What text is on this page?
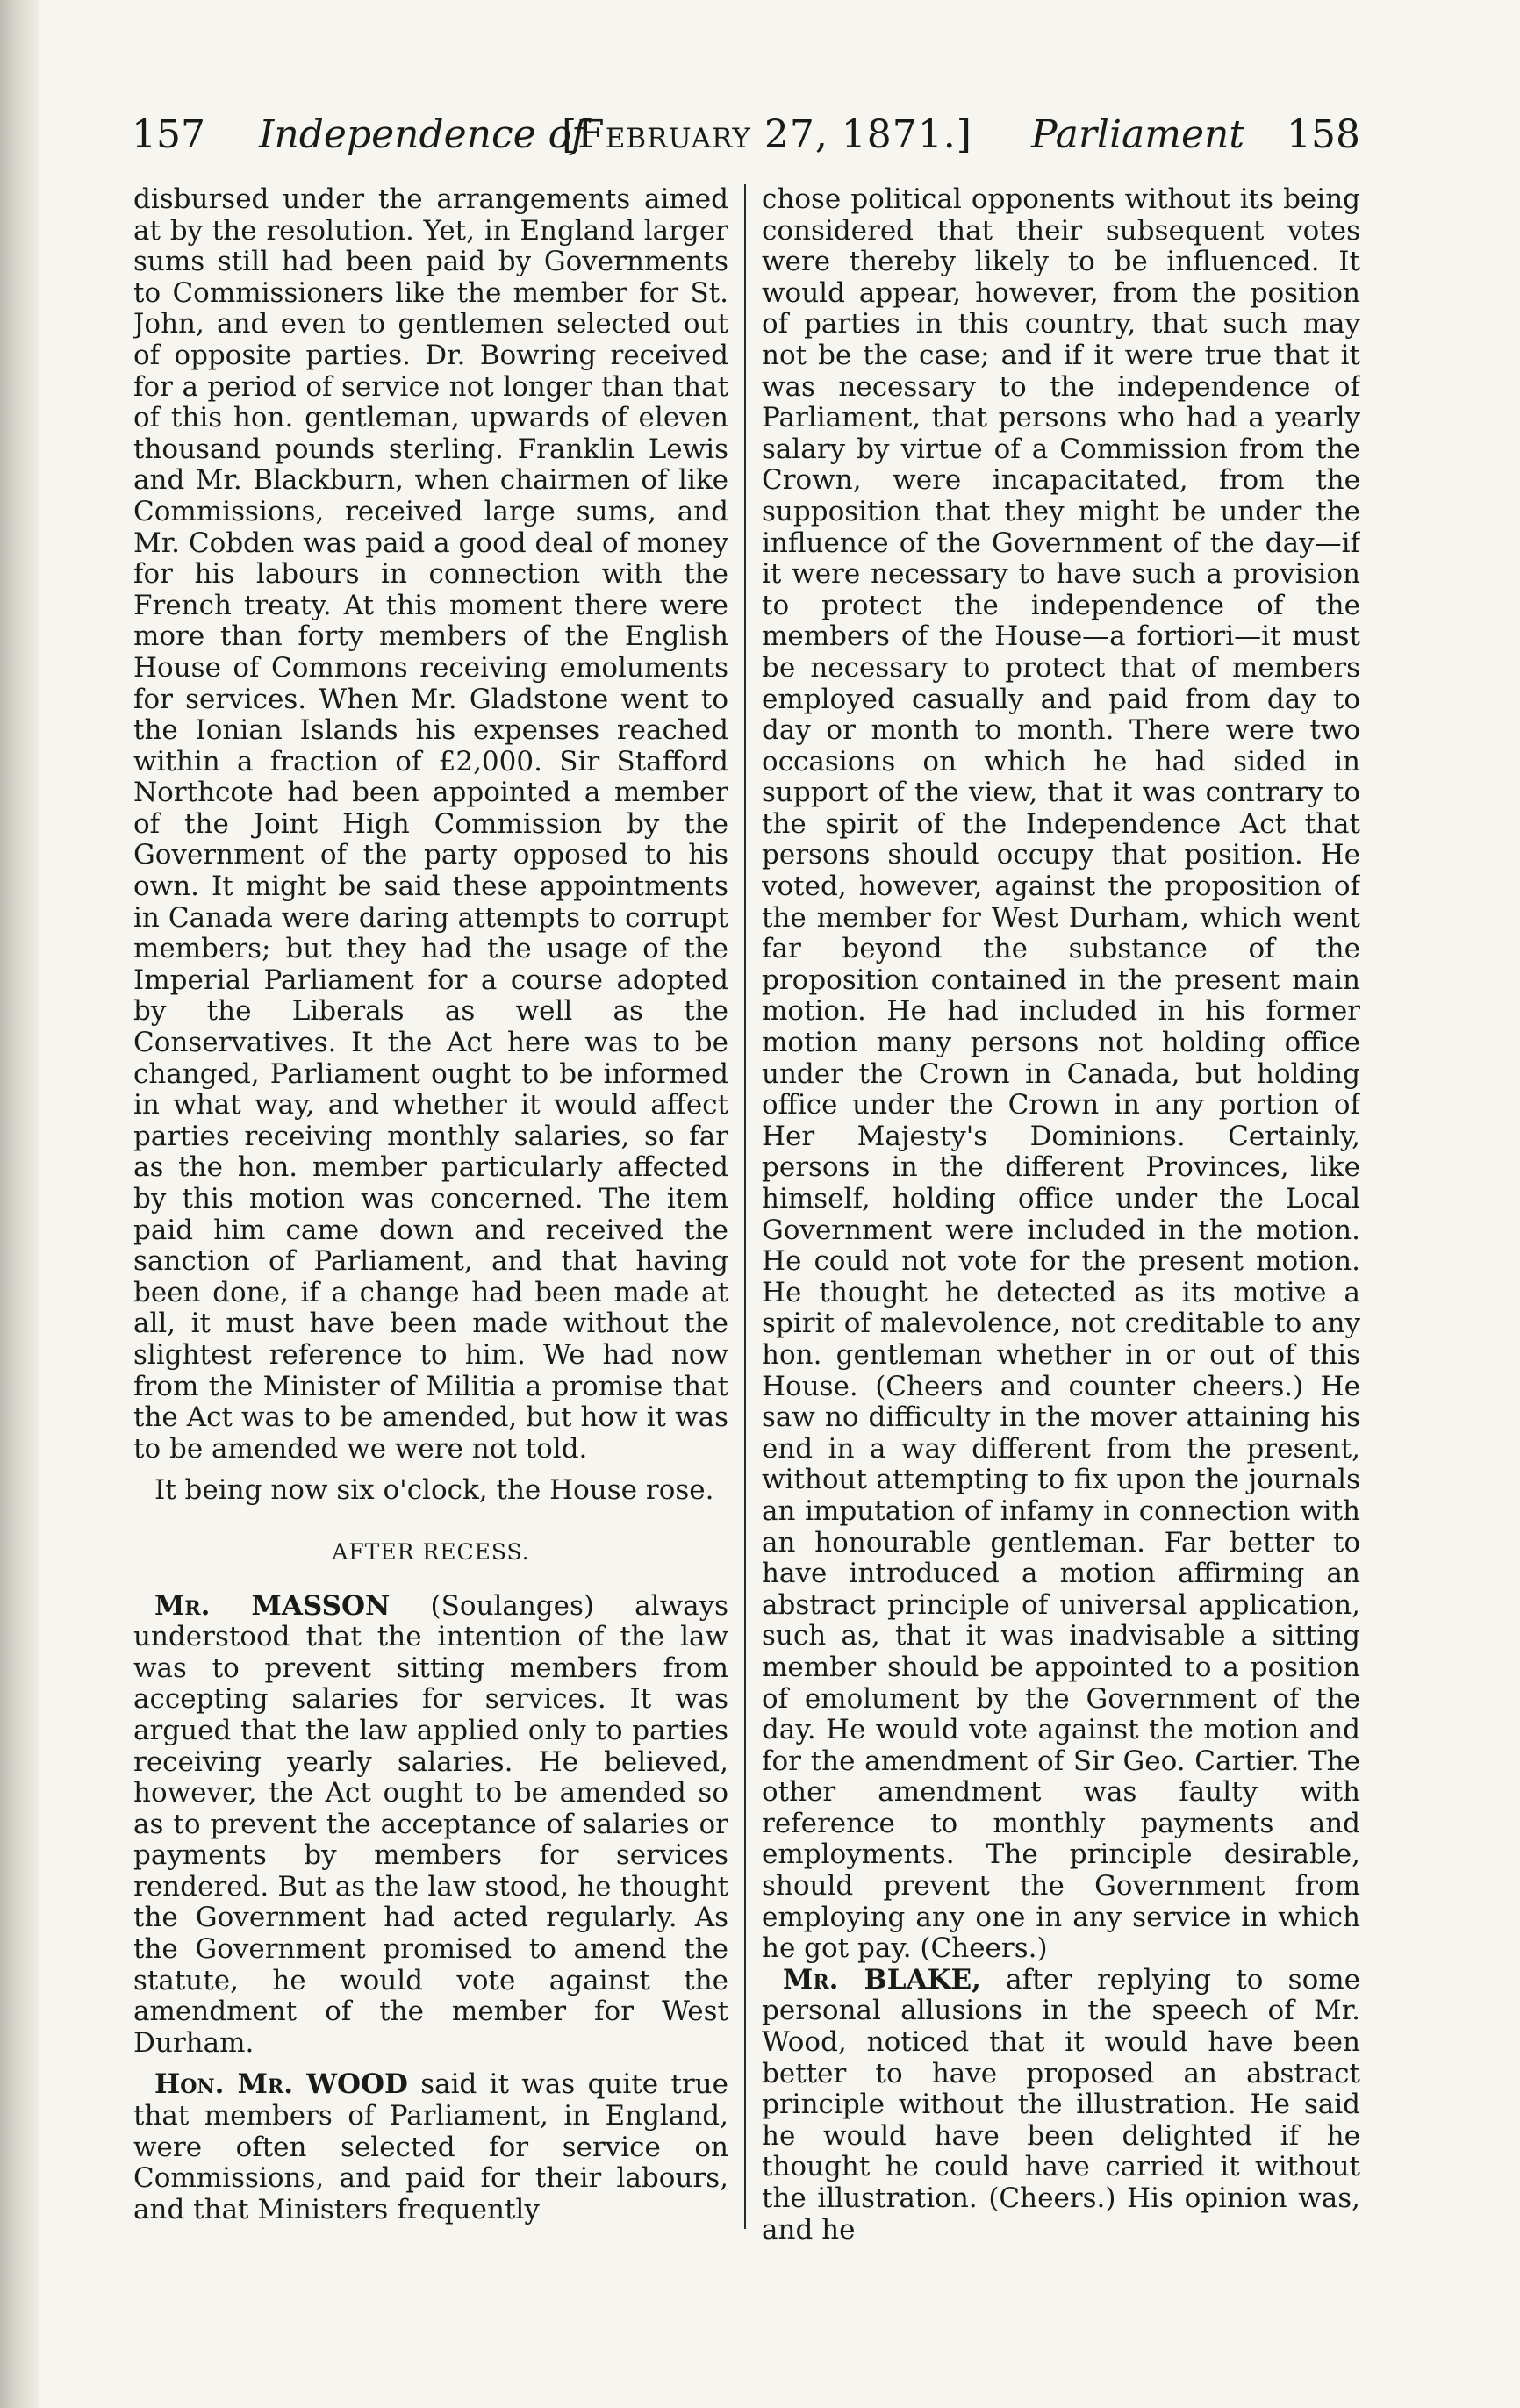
157 Independence of
[February 27, 1871.] Parliament 158

disbursed under the arrangements aimed at by the resolution. Yet, in England larger sums still had been paid by Governments to Commissioners like the member for St. John, and even to gentlemen selected out of opposite parties. Dr. Bowring received for a period of service not longer than that of this hon. gentleman, upwards of eleven thousand pounds sterling. Franklin Lewis and Mr. Blackburn, when chairmen of like Commissions, received large sums, and Mr. Cobden was paid a good deal of money for his labours in connection with the French treaty. At this moment there were more than forty members of the English House of Commons receiving emoluments for services. When Mr. Gladstone went to the Ionian Islands his expenses reached within a fraction of £2,000. Sir Stafford Northcote had been appointed a member of the Joint High Commission by the Government of the party opposed to his own. It might be said these appointments in Canada were daring attempts to corrupt members; but they had the usage of the Imperial Parliament for a course adopted by the Liberals as well as the Conservatives. It the Act here was to be changed, Parliament ought to be informed in what way, and whether it would affect parties receiving monthly salaries, so far as the hon. member particularly affected by this motion was concerned. The item paid him came down and received the sanction of Parliament, and that having been done, if a change had been made at all, it must have been made without the slightest reference to him. We had now from the Minister of Militia a promise that the Act was to be amended, but how it was to be amended we were not told.

It being now six o'clock, the House rose.

AFTER RECESS.

Mr. MASSON (Soulanges) always understood that the intention of the law was to prevent sitting members from accepting salaries for services. It was argued that the law applied only to parties receiving yearly salaries. He believed, however, the Act ought to be amended so as to prevent the acceptance of salaries or payments by members for services rendered. But as the law stood, he thought the Government had acted regularly. As the Government promised to amend the statute, he would vote against the amendment of the member for West Durham.

Hon. Mr. WOOD said it was quite true that members of Parliament, in England, were often selected for service on Commissions, and paid for their labours, and that Ministers frequently

chose political opponents without its being considered that their subsequent votes were thereby likely to be influenced. It would appear, however, from the position of parties in this country, that such may not be the case; and if it were true that it was necessary to the independence of Parliament, that persons who had a yearly salary by virtue of a Commission from the Crown, were incapacitated, from the supposition that they might be under the influence of the Government of the day—if it were necessary to have such a provision to protect the independence of the members of the House—a fortiori—it must be necessary to protect that of members employed casually and paid from day to day or month to month. There were two occasions on which he had sided in support of the view, that it was contrary to the spirit of the Independence Act that persons should occupy that position. He voted, however, against the proposition of the member for West Durham, which went far beyond the substance of the proposition contained in the present main motion. He had included in his former motion many persons not holding office under the Crown in Canada, but holding office under the Crown in any portion of Her Majesty's Dominions. Certainly, persons in the different Provinces, like himself, holding office under the Local Government were included in the motion. He could not vote for the present motion. He thought he detected as its motive a spirit of malevolence, not creditable to any hon. gentleman whether in or out of this House. (Cheers and counter cheers.) He saw no difficulty in the mover attaining his end in a way different from the present, without attempting to fix upon the journals an imputation of infamy in connection with an honourable gentleman. Far better to have introduced a motion affirming an abstract principle of universal application, such as, that it was inadvisable a sitting member should be appointed to a position of emolument by the Government of the day. He would vote against the motion and for the amendment of Sir Geo. Cartier. The other amendment was faulty with reference to monthly payments and employments. The principle desirable, should prevent the Government from employing any one in any service in which he got pay. (Cheers.)

Mr. BLAKE, after replying to some personal allusions in the speech of Mr. Wood, noticed that it would have been better to have proposed an abstract principle without the illustration. He said he would have been delighted if he thought he could have carried it without the illustration. (Cheers.) His opinion was, and he
